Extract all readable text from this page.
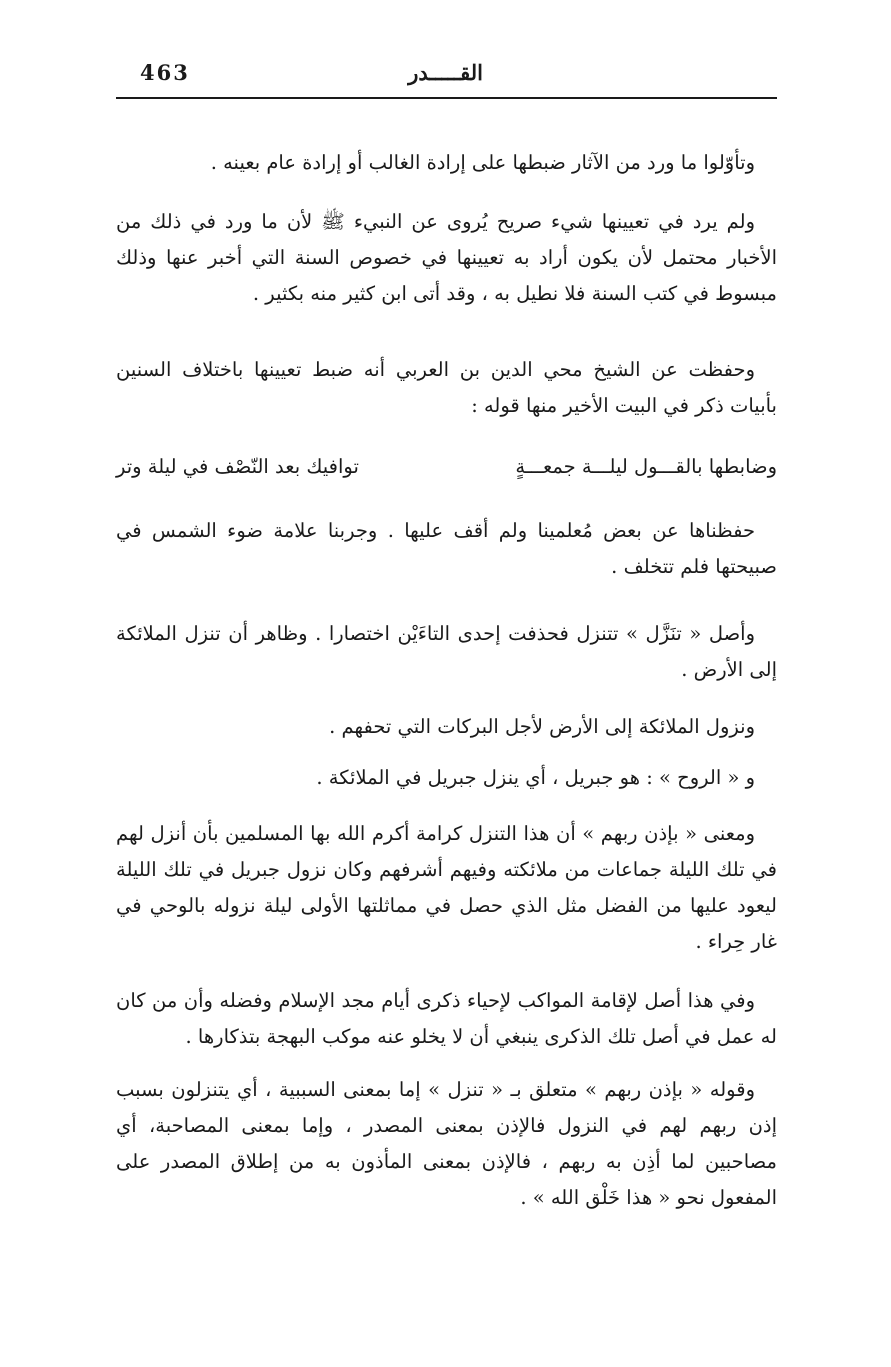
463	القـــــدر

وتأوّلوا ما ورد من الآثار ضبطها على إرادة الغالب أو إرادة عام بعينه .

ولم يرد في تعيينها شيء صريح يُروى عن النبيء ﷺ لأن ما ورد في ذلك من الأخبار محتمل لأن يكون أراد به تعيينها في خصوص السنة التي أخبر عنها وذلك مبسوط في كتب السنة فلا نطيل به ، وقد أتى ابن كثير منه بكثير .

وحفظت عن الشيخ محي الدين بن العربي أنه ضبط تعيينها باختلاف السنين بأبيات ذكر في البيت الأخير منها قوله :

وضابطها بالقـــول ليلـــة جمعـــةٍ
توافيك بعد النّصْف في ليلة وتر

حفظناها عن بعض مُعلمينا ولم أقف عليها . وجربنا علامة ضوء الشمس في صبيحتها فلم تتخلف .

وأصل « تنَزَّل » تتنزل فحذفت إحدى التاءَيْن اختصارا . وظاهر أن تنزل الملائكة إلى الأرض .

ونزول الملائكة إلى الأرض لأجل البركات التي تحفهم .

و « الروح » : هو جبريل ، أي ينزل جبريل في الملائكة .

ومعنى « بإذن ربهم » أن هذا التنزل كرامة أكرم الله بها المسلمين بأن أنزل لهم في تلك الليلة جماعات من ملائكته وفيهم أشرفهم وكان نزول جبريل في تلك الليلة ليعود عليها من الفضل مثل الذي حصل في مماثلتها الأولى ليلة نزوله بالوحي في غار حِراء .

وفي هذا أصل لإقامة المواكب لإحياء ذكرى أيام مجد الإسلام وفضله وأن من كان له عمل في أصل تلك الذكرى ينبغي أن لا يخلو عنه موكب البهجة بتذكارها .

وقوله « بإذن ربهم » متعلق بـ « تنزل » إما بمعنى السببية ، أي يتنزلون بسبب إذن ربهم لهم في النزول فالإذن بمعنى المصدر ، وإما بمعنى المصاحبة، أي مصاحبين لما أذِن به ربهم ، فالإذن بمعنى المأذون به من إطلاق المصدر على المفعول نحو « هذا خَلْق الله » .
